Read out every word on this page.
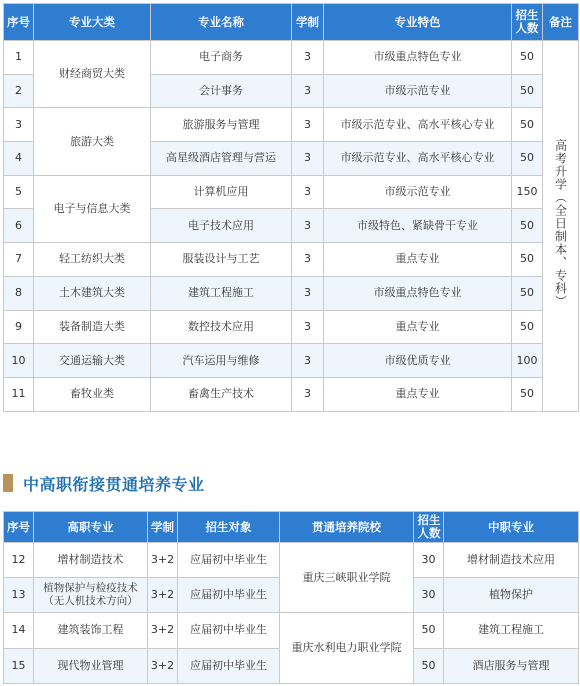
序号	专业大类	专业名称	学制	专业特色	招生人数	备注
1	财经商贸大类	电子商务	3	市级重点特色专业	50	高考升学（全日制本、专科）
2		会计事务	3	市级示范专业	50	
3	旅游大类	旅游服务与管理	3	市级示范专业、高水平核心专业	50	
4		高星级酒店管理与营运	3	市级示范专业、高水平核心专业	50	
5	电子与信息大类	计算机应用	3	市级示范专业	150	
6		电子技术应用	3	市级特色、紧缺骨干专业	50	
7	轻工纺织大类	服装设计与工艺	3	重点专业	50	
8	土木建筑大类	建筑工程施工	3	市级重点特色专业	50	
9	装备制造大类	数控技术应用	3	重点专业	50	
10	交通运输大类	汽车运用与维修	3	市级优质专业	100	
11	畜牧业类	畜禽生产技术	3	重点专业	50	
中高职衔接贯通培养专业
序号	高职专业	学制	招生对象	贯通培养院校	招生人数	中职专业
12	增材制造技术	3+2	应届初中毕业生	重庆三峡职业学院	30	增材制造技术应用
13	植物保护与检疫技术
（无人机技术方向）	3+2	应届初中毕业生		30	植物保护
14	建筑装饰工程	3+2	应届初中毕业生	重庆水利电力职业学院	50	建筑工程施工
15	现代物业管理	3+2	应届初中毕业生		50	酒店服务与管理
